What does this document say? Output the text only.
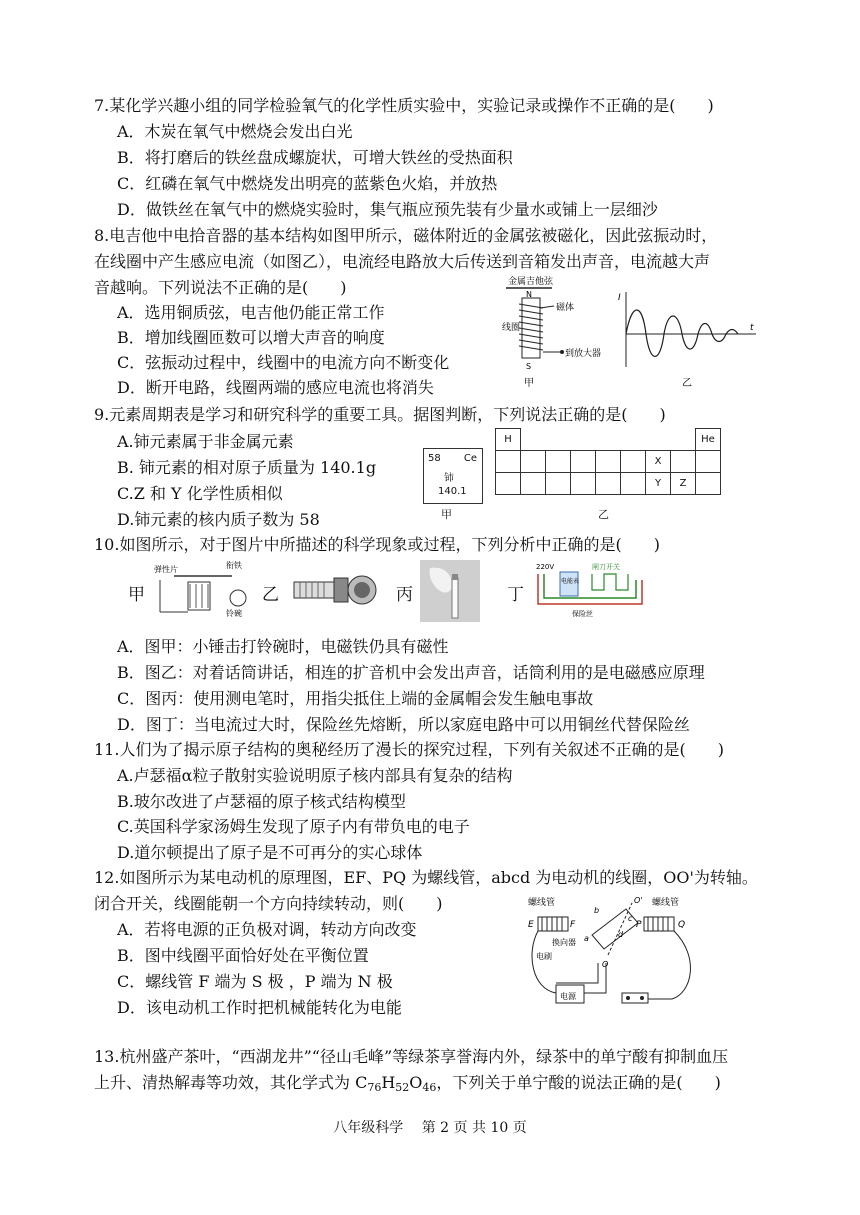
7.某化学兴趣小组的同学检验氧气的化学性质实验中，实验记录或操作不正确的是(　　)
A．木炭在氧气中燃烧会发出白光
B．将打磨后的铁丝盘成螺旋状，可增大铁丝的受热面积
C．红磷在氧气中燃烧发出明亮的蓝紫色火焰，并放热
D．做铁丝在氧气中的燃烧实验时，集气瓶应预先装有少量水或铺上一层细沙
8.电吉他中电拾音器的基本结构如图甲所示，磁体附近的金属弦被磁化，因此弦振动时，
在线圈中产生感应电流（如图乙），电流经电路放大后传送到音箱发出声音，电流越大声
音越响。下列说法不正确的是(　　)
A．选用铜质弦，电吉他仍能正常工作
B．增加线圈匝数可以增大声音的响度
C．弦振动过程中，线圈中的电流方向不断变化
D．断开电路，线圈两端的感应电流也将消失
金属吉他弦
N
S
磁体
线圈
到放大器
甲
I
t
乙
9.元素周期表是学习和研究科学的重要工具。据图判断，下列说法正确的是(　　)
A.铈元素属于非金属元素
B. 铈元素的相对原子质量为 140.1g
C.Z 和 Y 化学性质相似
D.铈元素的核内质子数为 58
58 Ce
铈
140.1
甲
H								He
						X		
						Y	Z	
乙
10.如图所示，对于图片中所描述的科学现象或过程，下列分析中正确的是(　　)
甲
弹性片	衔铁
铃碗
乙	丙	丁
220V	闸刀开关
电能表
保险丝
A．图甲：小锤击打铃碗时，电磁铁仍具有磁性
B．图乙：对着话筒讲话，相连的扩音机中会发出声音，话筒利用的是电磁感应原理
C．图丙：使用测电笔时，用指尖抵住上端的金属帽会发生触电事故
D．图丁：当电流过大时，保险丝先熔断，所以家庭电路中可以用铜丝代替保险丝
11.人们为了揭示原子结构的奥秘经历了漫长的探究过程，下列有关叙述不正确的是(　　)
A.卢瑟福α粒子散射实验说明原子核内部具有复杂的结构
B.玻尔改进了卢瑟福的原子核式结构模型
C.英国科学家汤姆生发现了原子内有带负电的电子
D.道尔顿提出了原子是不可再分的实心球体
12.如图所示为某电动机的原理图，EF、PQ 为螺线管，abcd 为电动机的线圈，OO'为转轴。
闭合开关，线圈能朝一个方向持续转动，则(　　)
A．若将电源的正负极对调，转动方向改变
B．图中线圈平面恰好处在平衡位置
C．螺线管 F 端为 S 极 ，P 端为 N 极
D．该电动机工作时把机械能转化为电能
螺线管	螺线管
E	F	P	Q
b
a
c
d
O'
O
换向器
电刷
电源
13.杭州盛产茶叶，“西湖龙井”“径山毛峰”等绿茶享誉海内外，绿茶中的单宁酸有抑制血压
上升、清热解毒等功效，其化学式为 $C_{76}H_{52}O_{46}$，下列关于单宁酸的说法正确的是(　　)
八年级科学　 第 2 页 共 10 页
